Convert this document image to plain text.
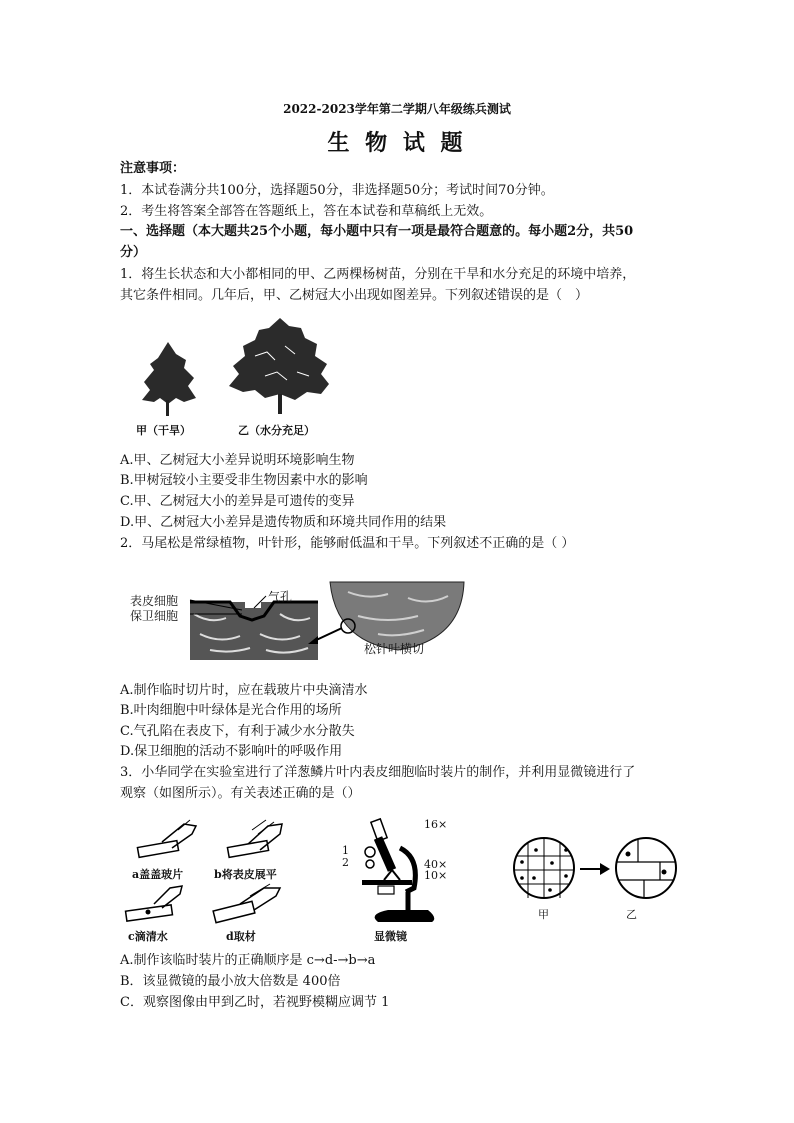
2022-2023学年第二学期八年级练兵测试
生 物 试 题
注意事项：
1．本试卷满分共100分，选择题50分，非选择题50分；考试时间70分钟。
2．考生将答案全部答在答题纸上，答在本试卷和草稿纸上无效。
一、选择题（本大题共25个小题，每小题中只有一项是最符合题意的。每小题2分，共50
分）
1．将生长状态和大小都相同的甲、乙两棵杨树苗，分别在干旱和水分充足的环境中培养，
其它条件相同。几年后，甲、乙树冠大小出现如图差异。下列叙述错误的是（　）
甲（干旱）	乙（水分充足）
A.甲、乙树冠大小差异说明环境影响生物
B.甲树冠较小主要受非生物因素中水的影响
C.甲、乙树冠大小的差异是可遗传的变异
D.甲、乙树冠大小差异是遗传物质和环境共同作用的结果
2．马尾松是常绿植物，叶针形，能够耐低温和干旱。下列叙述不正确的是（ ）
表皮细胞
保卫细胞
气孔
松针叶横切
A.制作临时切片时，应在载玻片中央滴清水
B.叶肉细胞中叶绿体是光合作用的场所
C.气孔陷在表皮下，有利于减少水分散失
D.保卫细胞的活动不影响叶的呼吸作用
3．小华同学在实验室进行了洋葱鳞片叶内表皮细胞临时装片的制作，并利用显微镜进行了
观察（如图所示）。有关表述正确的是（）
a盖盖玻片	b将表皮展平
c滴清水	d取材
1
2
16×
40×
10×
显微镜
甲	乙
A.制作该临时装片的正确顺序是 c→d-→b→a
B．该显微镜的最小放大倍数是 400倍
C．观察图像由甲到乙时，若视野模糊应调节 1
